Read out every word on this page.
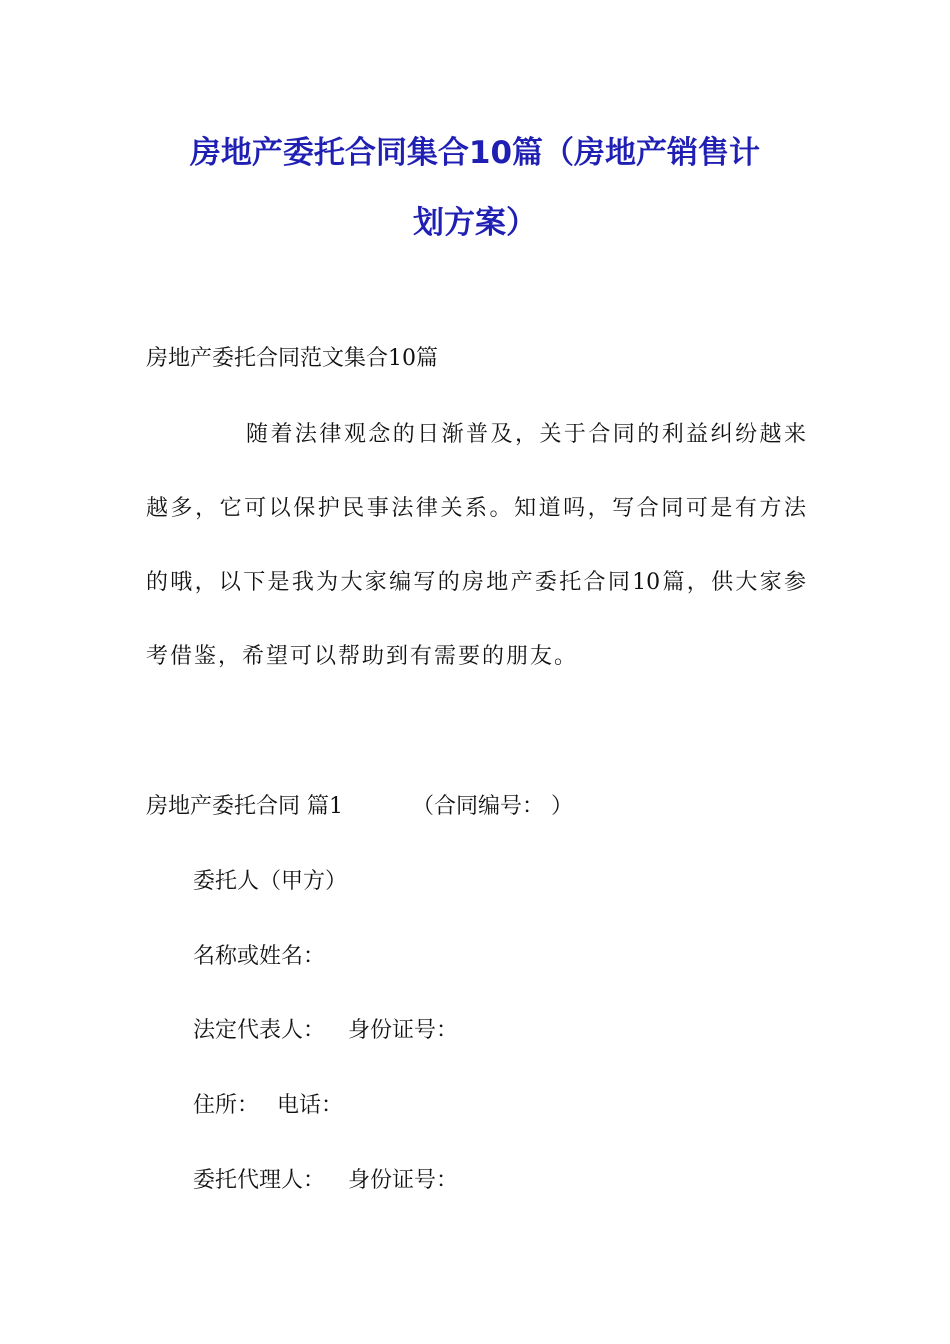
房地产委托合同集合10篇（房地产销售计
划方案）

房地产委托合同范文集合10篇

随着法律观念的日渐普及，关于合同的利益纠纷越来
越多，它可以保护民事法律关系。知道吗，写合同可是有方法
的哦，以下是我为大家编写的房地产委托合同10篇，供大家参
考借鉴，希望可以帮助到有需要的朋友。

房地产委托合同 篇1	（合同编号： ）

委托人（甲方）

名称或姓名：

法定代表人： 身份证号：

住所： 电话：

委托代理人： 身份证号：
